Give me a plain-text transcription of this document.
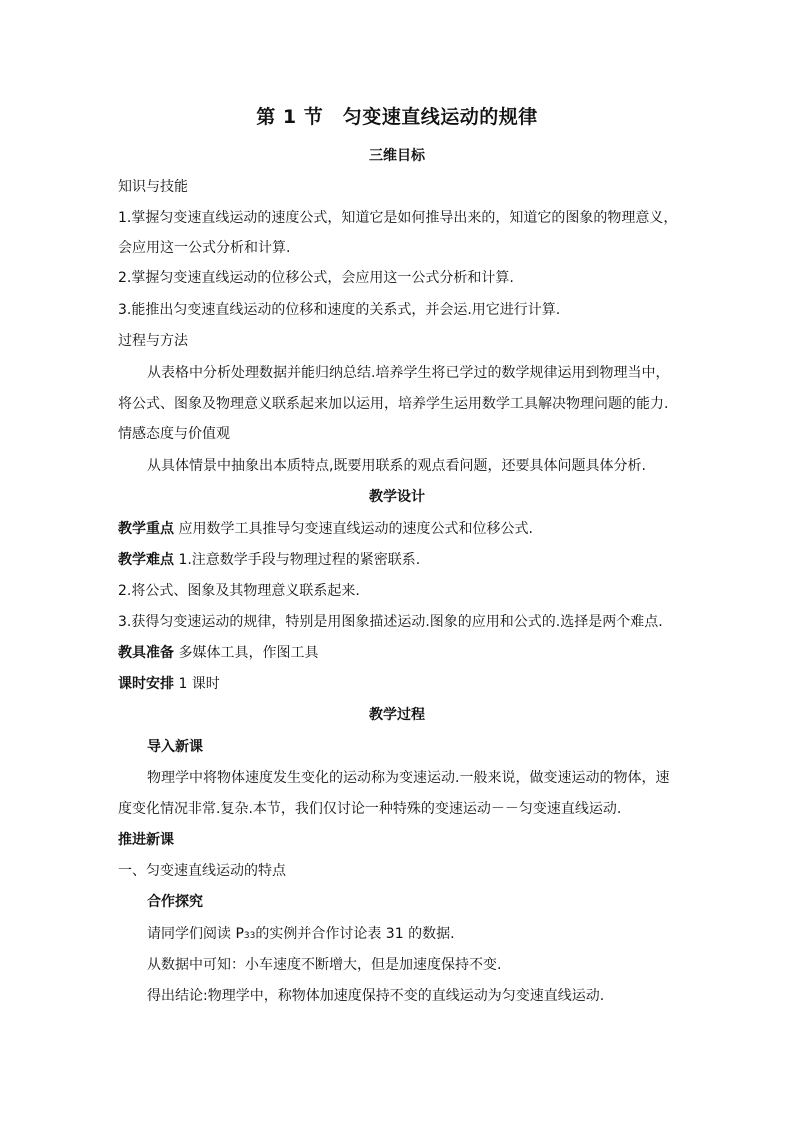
第 1 节　匀变速直线运动的规律
三维目标
知识与技能
1.掌握匀变速直线运动的速度公式，知道它是如何推导出来的，知道它的图象的物理意义，
会应用这一公式分析和计算.
2.掌握匀变速直线运动的位移公式，会应用这一公式分析和计算.
3.能推出匀变速直线运动的位移和速度的关系式，并会运.用它进行计算.
过程与方法
从表格中分析处理数据并能归纳总结.培养学生将已学过的数学规律运用到物理当中，
将公式、图象及物理意义联系起来加以运用，培养学生运用数学工具解决物理问题的能力.
情感态度与价值观
从具体情景中抽象出本质特点,既要用联系的观点看问题，还要具体问题具体分析.
教学设计
教学重点 应用数学工具推导匀变速直线运动的速度公式和位移公式.
教学难点 1.注意数学手段与物理过程的紧密联系.
2.将公式、图象及其物理意义联系起来.
3.获得匀变速运动的规律，特别是用图象描述运动.图象的应用和公式的.选择是两个难点.
教具准备 多媒体工具，作图工具
课时安排 1 课时
教学过程
导入新课
物理学中将物体速度发生变化的运动称为变速运动.一般来说，做变速运动的物体，速
度变化情况非常.复杂.本节，我们仅讨论一种特殊的变速运动－－匀变速直线运动.
推进新课
一、匀变速直线运动的特点
合作探究
请同学们阅读 P33的实例并合作讨论表 31 的数据.
从数据中可知：小车速度不断增大，但是加速度保持不变.
得出结论:物理学中，称物体加速度保持不变的直线运动为匀变速直线运动.
